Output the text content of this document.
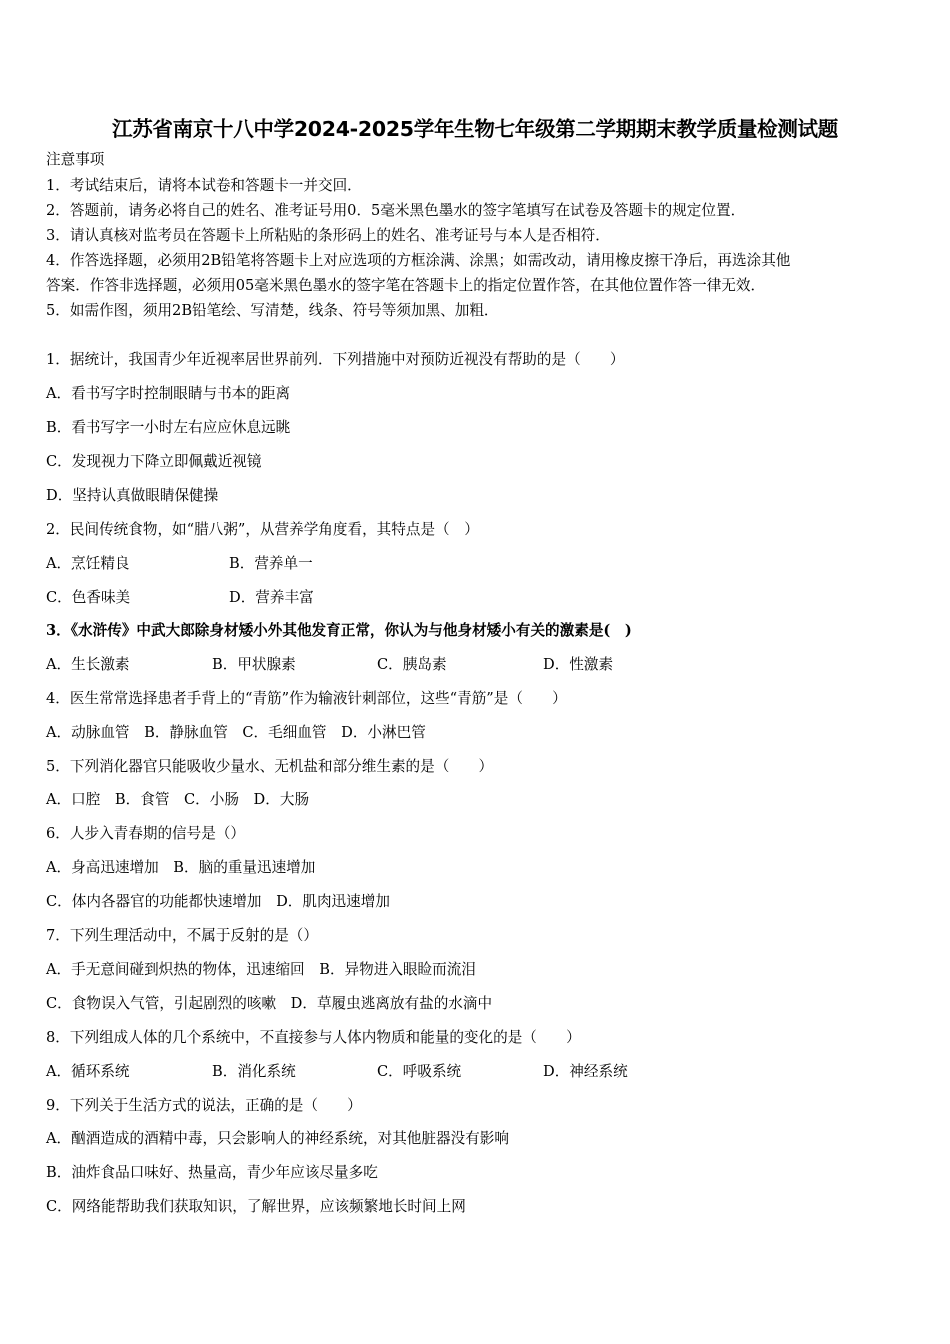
江苏省南京十八中学2024-2025学年生物七年级第二学期期末教学质量检测试题
注意事项
1．考试结束后，请将本试卷和答题卡一并交回．
2．答题前，请务必将自己的姓名、准考证号用0．5毫米黑色墨水的签字笔填写在试卷及答题卡的规定位置．
3．请认真核对监考员在答题卡上所粘贴的条形码上的姓名、准考证号与本人是否相符．
4．作答选择题，必须用2B铅笔将答题卡上对应选项的方框涂满、涂黑；如需改动，请用橡皮擦干净后，再选涂其他
答案．作答非选择题，必须用05毫米黑色墨水的签字笔在答题卡上的指定位置作答，在其他位置作答一律无效．
5．如需作图，须用2B铅笔绘、写清楚，线条、符号等须加黑、加粗．
1．据统计，我国青少年近视率居世界前列．下列措施中对预防近视没有帮助的是（　　）
A．看书写字时控制眼睛与书本的距离
B．看书写字一小时左右应应休息远眺
C．发现视力下降立即佩戴近视镜
D．坚持认真做眼睛保健操
2．民间传统食物，如“腊八粥”，从营养学角度看，其特点是（　）
A．烹饪精良	B．营养单一
C．色香味美	D．营养丰富
3．《水浒传》中武大郎除身材矮小外其他发育正常，你认为与他身材矮小有关的激素是(　)
A．生长激素	B．甲状腺素	C．胰岛素	D．性激素
4．医生常常选择患者手背上的“青筋”作为输液针刺部位，这些“青筋”是（　　）
A．动脉血管　B．静脉血管　C．毛细血管　D．小淋巴管
5．下列消化器官只能吸收少量水、无机盐和部分维生素的是（　　）
A．口腔　B．食管　C．小肠　D．大肠
6．人步入青春期的信号是（）
A．身高迅速增加　B．脑的重量迅速增加
C．体内各器官的功能都快速增加　D．肌肉迅速增加
7．下列生理活动中，不属于反射的是（）
A．手无意间碰到炽热的物体，迅速缩回　B．异物进入眼睑而流泪
C．食物误入气管，引起剧烈的咳嗽　D．草履虫逃离放有盐的水滴中
8．下列组成人体的几个系统中，不直接参与人体内物质和能量的变化的是（　　）
A．循环系统	B．消化系统	C．呼吸系统	D．神经系统
9．下列关于生活方式的说法，正确的是（　　）
A．酗酒造成的酒精中毒，只会影响人的神经系统，对其他脏器没有影响
B．油炸食品口味好、热量高，青少年应该尽量多吃
C．网络能帮助我们获取知识，了解世界，应该频繁地长时间上网
